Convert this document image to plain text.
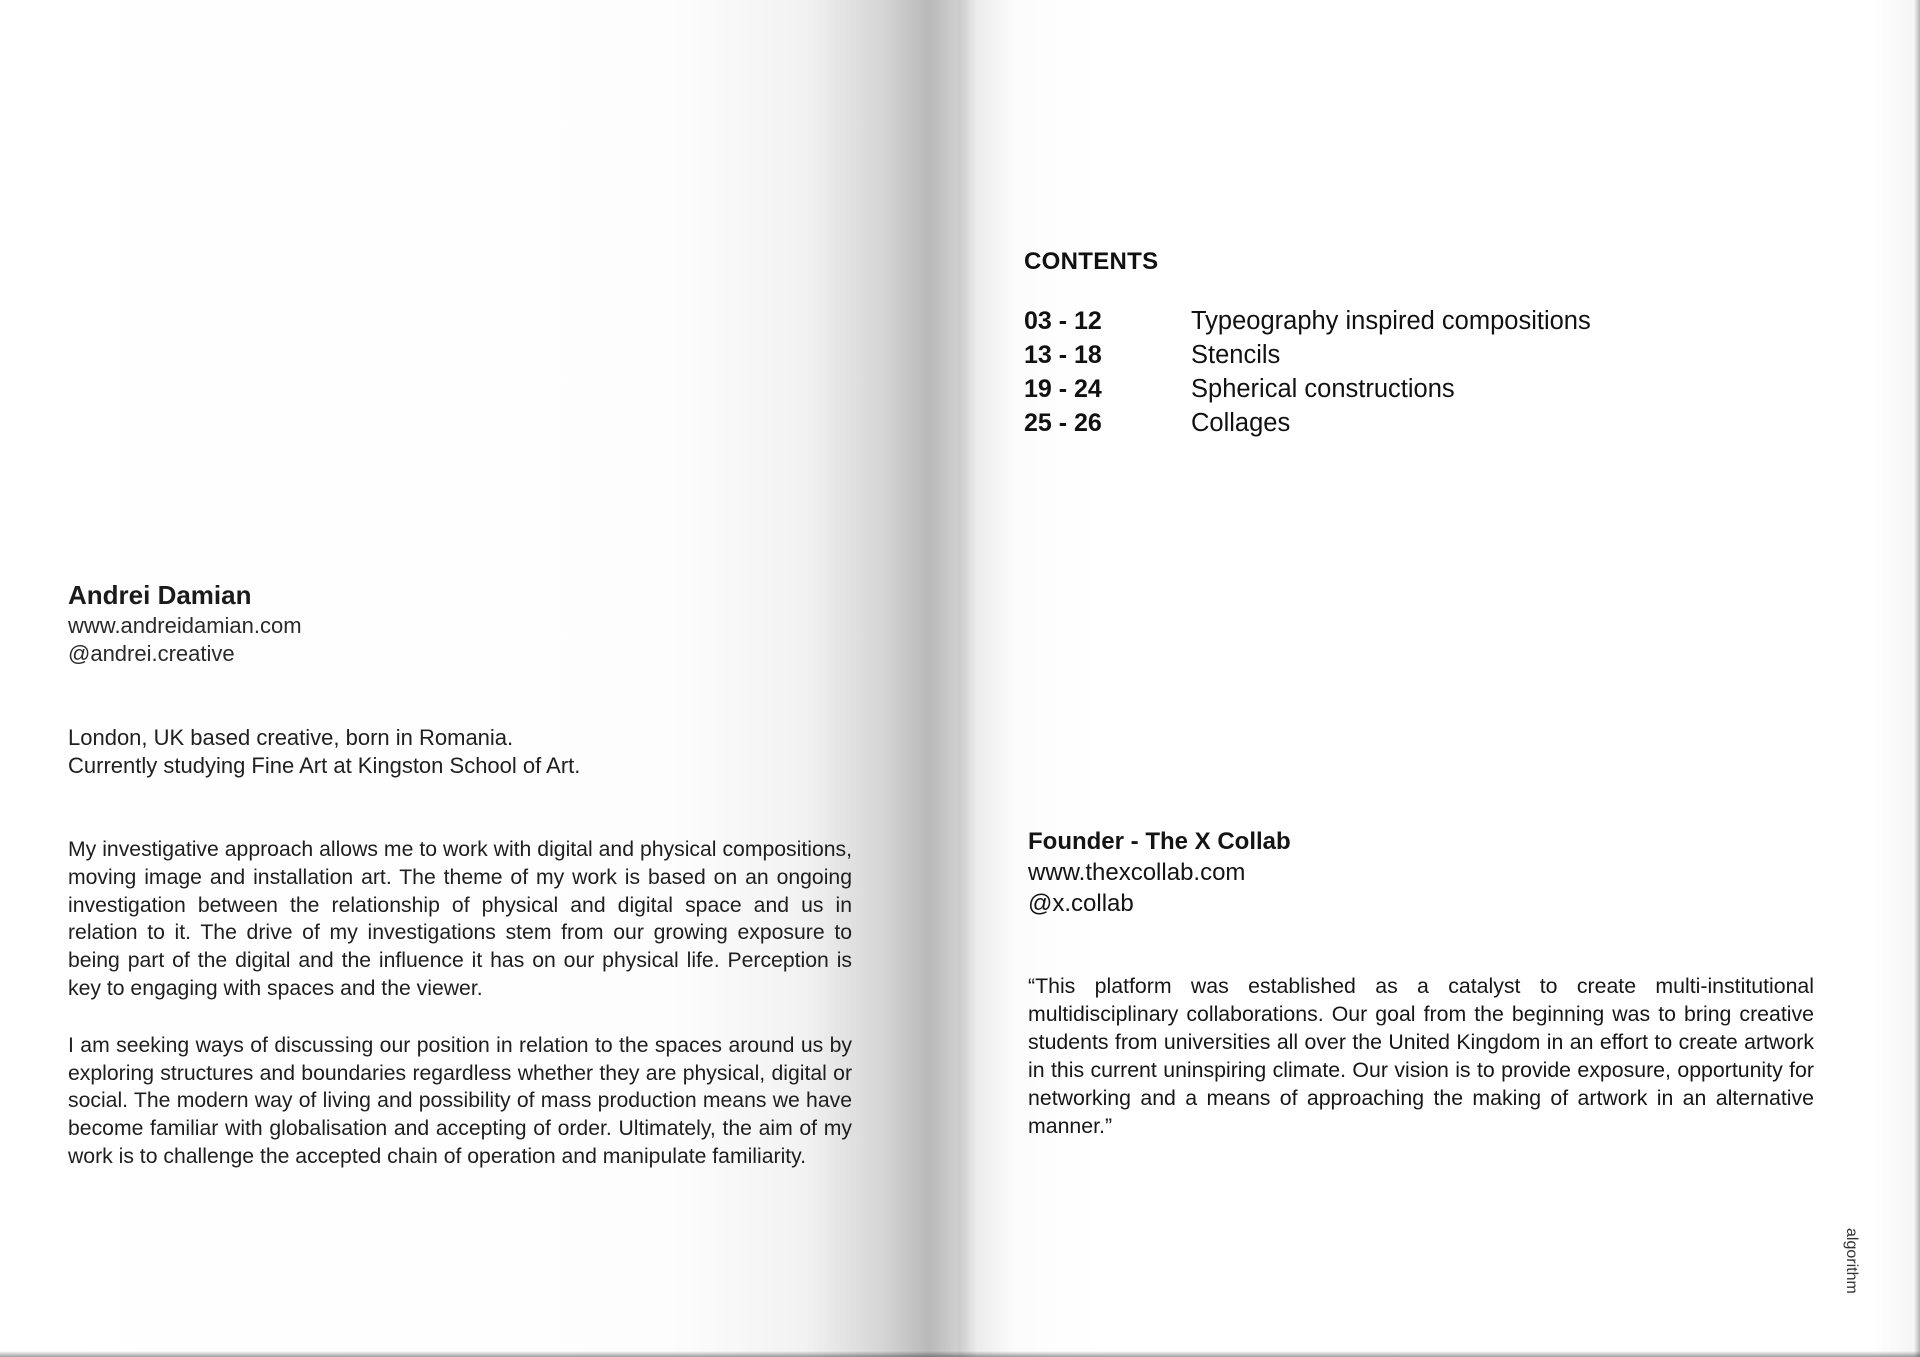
Andrei Damian

www.andreidamian.com

@andrei.creative

London, UK based creative, born in Romania.

Currently studying Fine Art at Kingston School of Art.

My investigative approach allows me to work with digital and physical compositions, moving image and installation art. The theme of my work is based on an ongoing investigation between the relationship of physical and digital space and us in relation to it. The drive of my investigations stem from our growing exposure to being part of the digital and the influence it has on our physical life. Perception is key to engaging with spaces and the viewer.

I am seeking ways of discussing our position in relation to the spaces around us by exploring structures and boundaries regardless whether they are physical, digital or social. The modern way of living and possibility of mass production means we have become familiar with globalisation and accepting of order. Ultimately, the aim of my work is to challenge the accepted chain of operation and manipulate familiarity.

CONTENTS

03 - 12	Typeography inspired compositions
13 - 18	Stencils
19 - 24	Spherical constructions
25 - 26	Collages

Founder - The X Collab

www.thexcollab.com

@x.collab

“This platform was established as a catalyst to create multi-institutional multidisciplinary collaborations. Our goal from the beginning was to bring creative students from universities all over the United Kingdom in an effort to create artwork in this current uninspiring climate. Our vision is to provide exposure, opportunity for networking and a means of approaching the making of artwork in an alternative manner.”

algorithm
